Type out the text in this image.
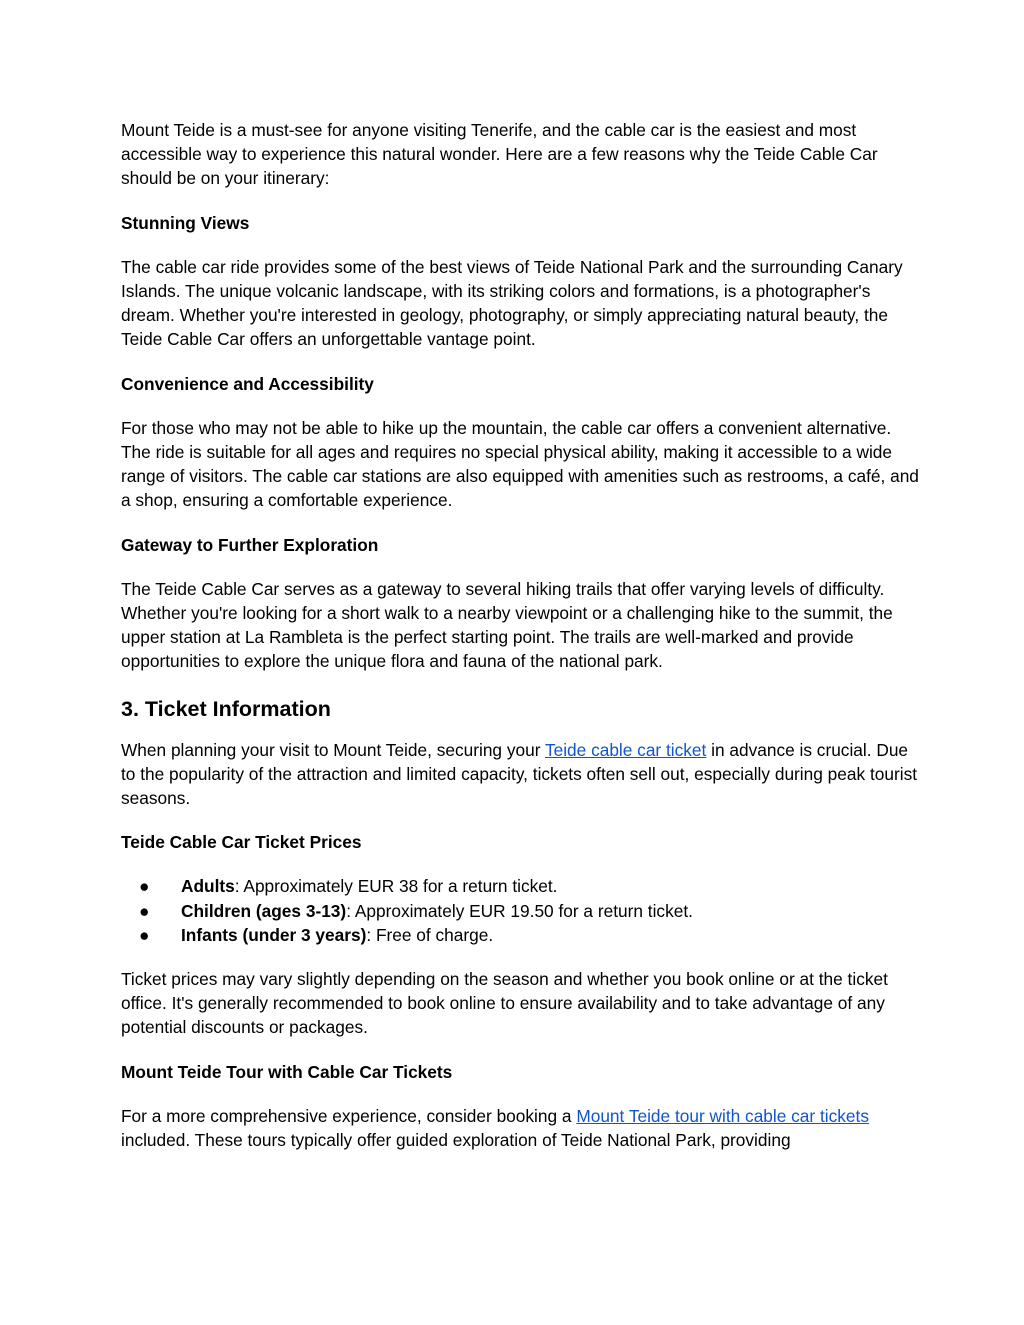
Mount Teide is a must-see for anyone visiting Tenerife, and the cable car is the easiest and most accessible way to experience this natural wonder. Here are a few reasons why the Teide Cable Car should be on your itinerary:

Stunning Views

The cable car ride provides some of the best views of Teide National Park and the surrounding Canary Islands. The unique volcanic landscape, with its striking colors and formations, is a photographer's dream. Whether you're interested in geology, photography, or simply appreciating natural beauty, the Teide Cable Car offers an unforgettable vantage point.

Convenience and Accessibility

For those who may not be able to hike up the mountain, the cable car offers a convenient alternative. The ride is suitable for all ages and requires no special physical ability, making it accessible to a wide range of visitors. The cable car stations are also equipped with amenities such as restrooms, a café, and a shop, ensuring a comfortable experience.

Gateway to Further Exploration

The Teide Cable Car serves as a gateway to several hiking trails that offer varying levels of difficulty. Whether you're looking for a short walk to a nearby viewpoint or a challenging hike to the summit, the upper station at La Rambleta is the perfect starting point. The trails are well-marked and provide opportunities to explore the unique flora and fauna of the national park.

3. Ticket Information

When planning your visit to Mount Teide, securing your Teide cable car ticket in advance is crucial. Due to the popularity of the attraction and limited capacity, tickets often sell out, especially during peak tourist seasons.

Teide Cable Car Ticket Prices
● Adults: Approximately EUR 38 for a return ticket.
● Children (ages 3-13): Approximately EUR 19.50 for a return ticket.
● Infants (under 3 years): Free of charge.

Ticket prices may vary slightly depending on the season and whether you book online or at the ticket office. It's generally recommended to book online to ensure availability and to take advantage of any potential discounts or packages.

Mount Teide Tour with Cable Car Tickets

For a more comprehensive experience, consider booking a Mount Teide tour with cable car tickets included. These tours typically offer guided exploration of Teide National Park, providing
